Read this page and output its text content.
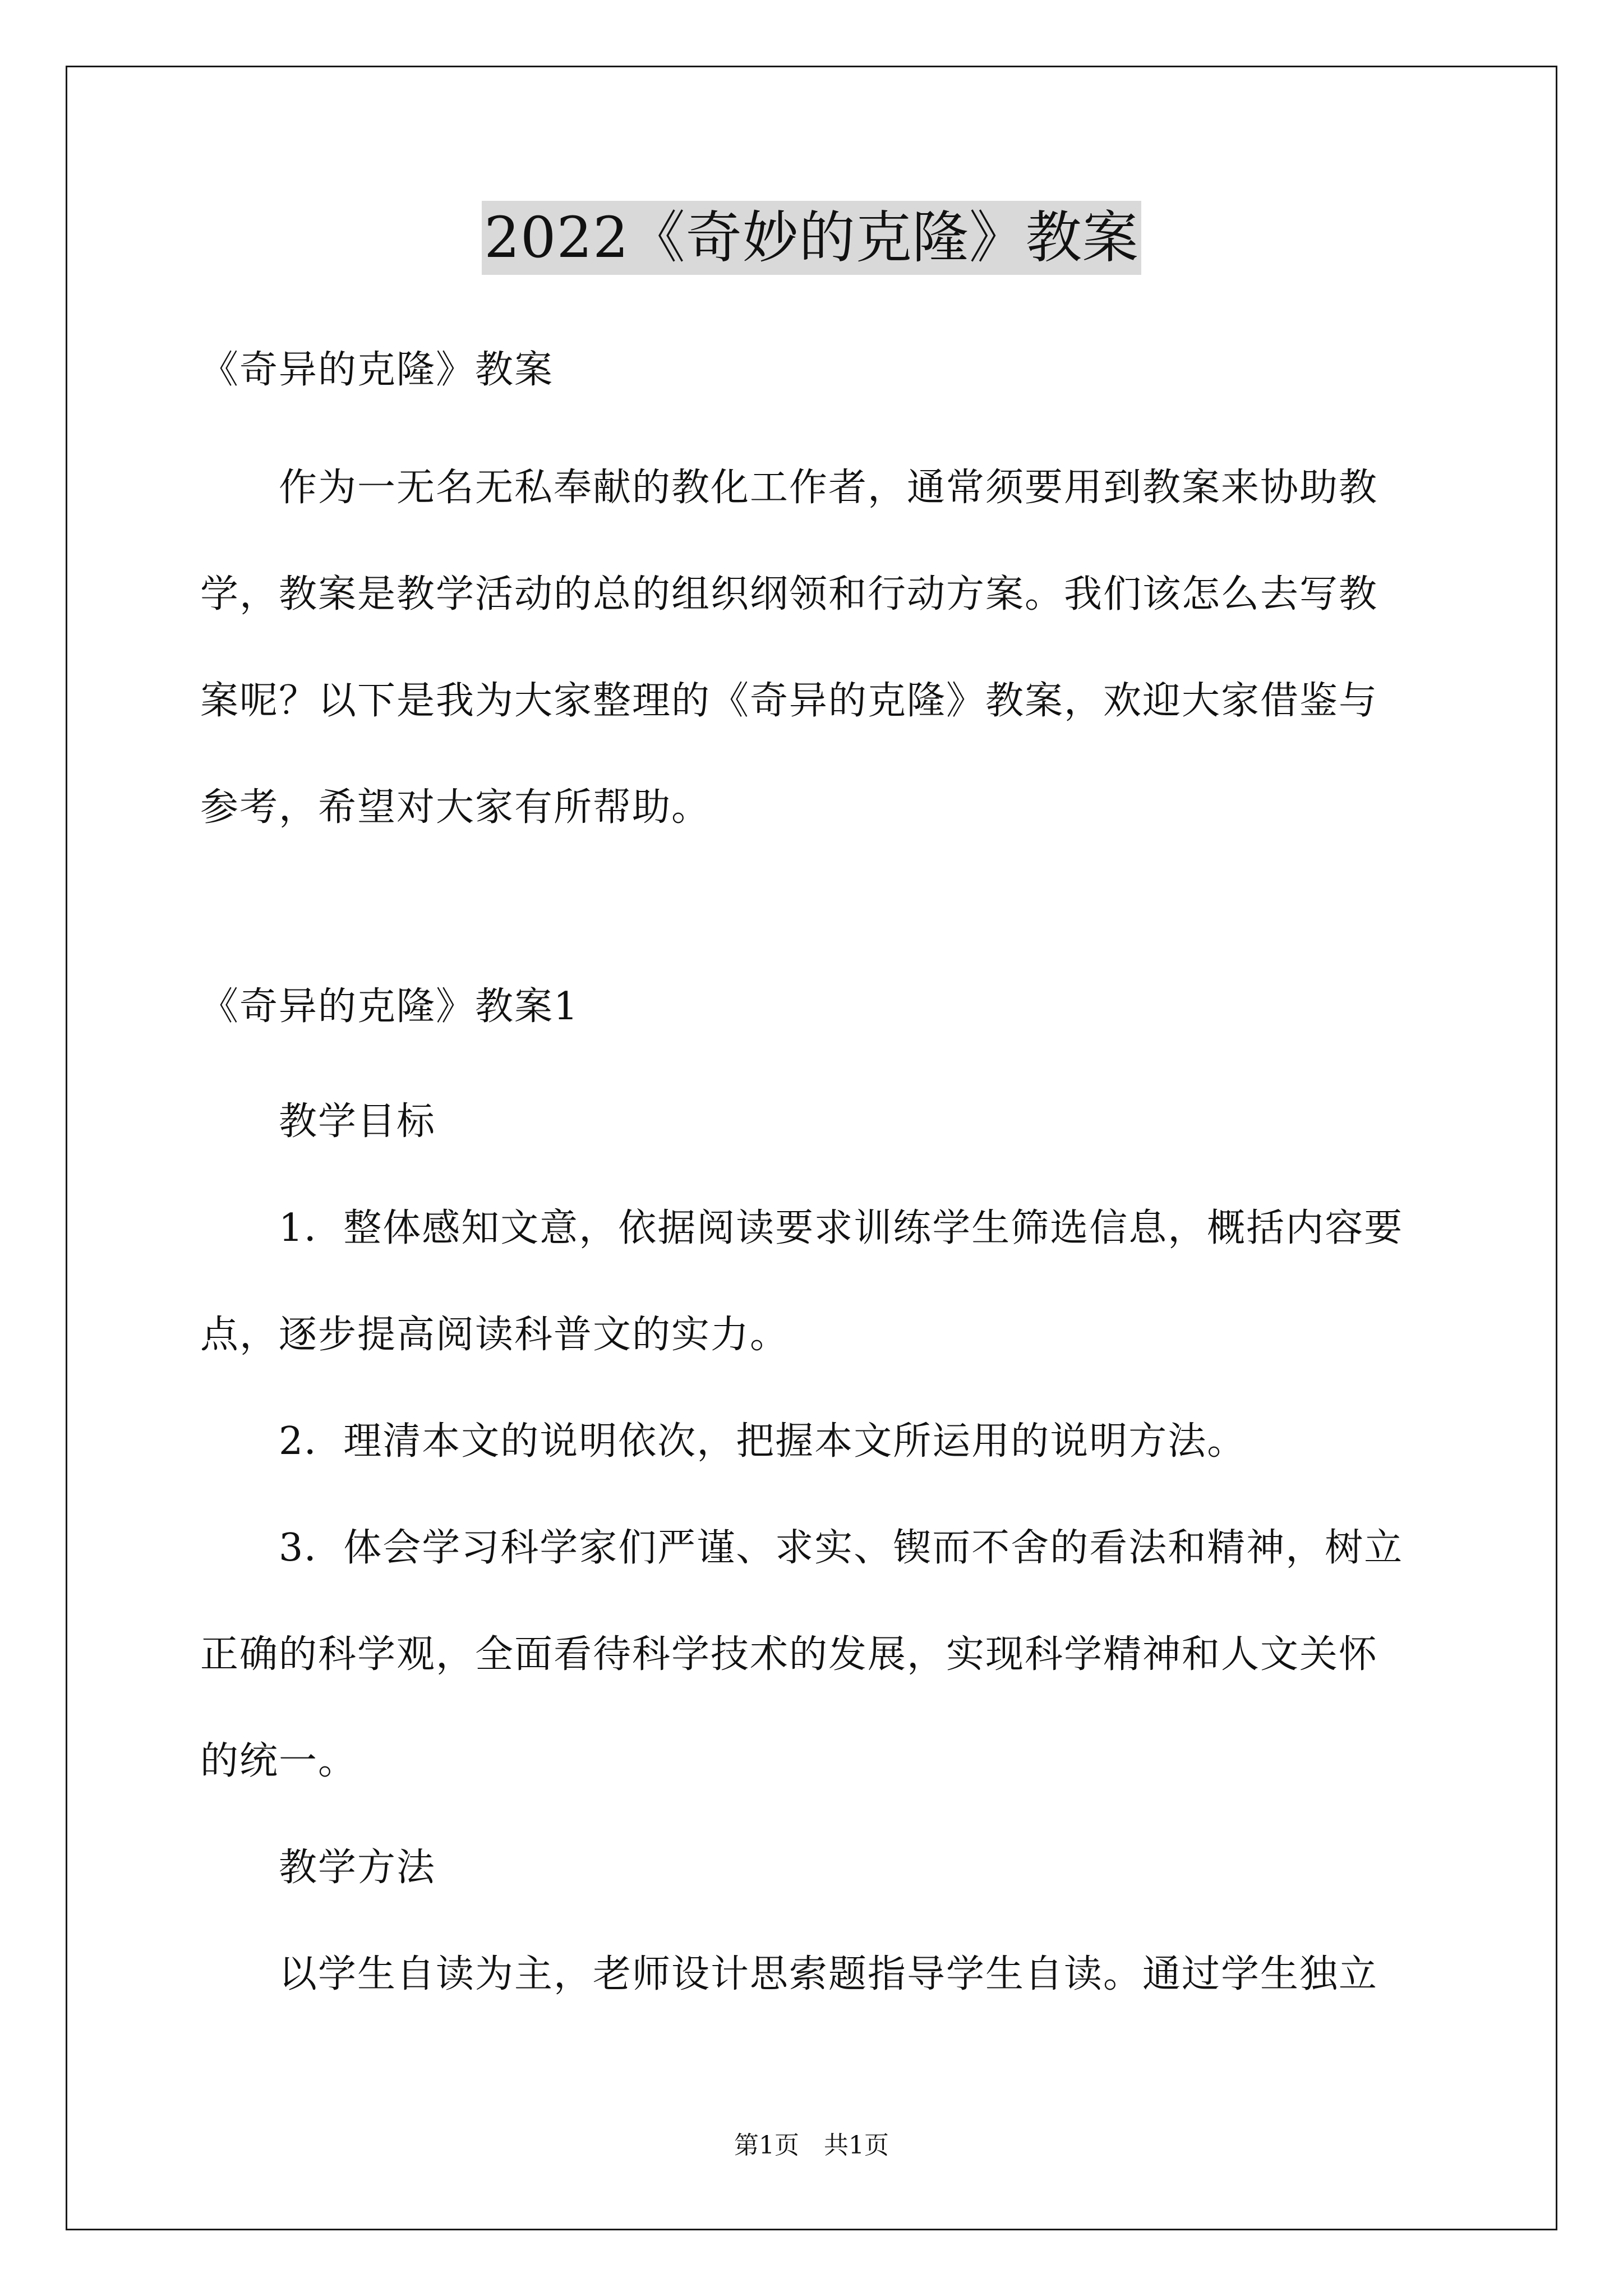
2022《奇妙的克隆》教案
《奇异的克隆》教案
作为一无名无私奉献的教化工作者，通常须要用到教案来协助教
学，教案是教学活动的总的组织纲领和行动方案。我们该怎么去写教
案呢？以下是我为大家整理的《奇异的克隆》教案，欢迎大家借鉴与
参考，希望对大家有所帮助。
《奇异的克隆》教案1
教学目标
1．整体感知文意，依据阅读要求训练学生筛选信息，概括内容要
点，逐步提高阅读科普文的实力。
2．理清本文的说明依次，把握本文所运用的说明方法。
3．体会学习科学家们严谨、求实、锲而不舍的看法和精神，树立
正确的科学观，全面看待科学技术的发展，实现科学精神和人文关怀
的统一。
教学方法
以学生自读为主，老师设计思索题指导学生自读。通过学生独立
第1页　共1页
